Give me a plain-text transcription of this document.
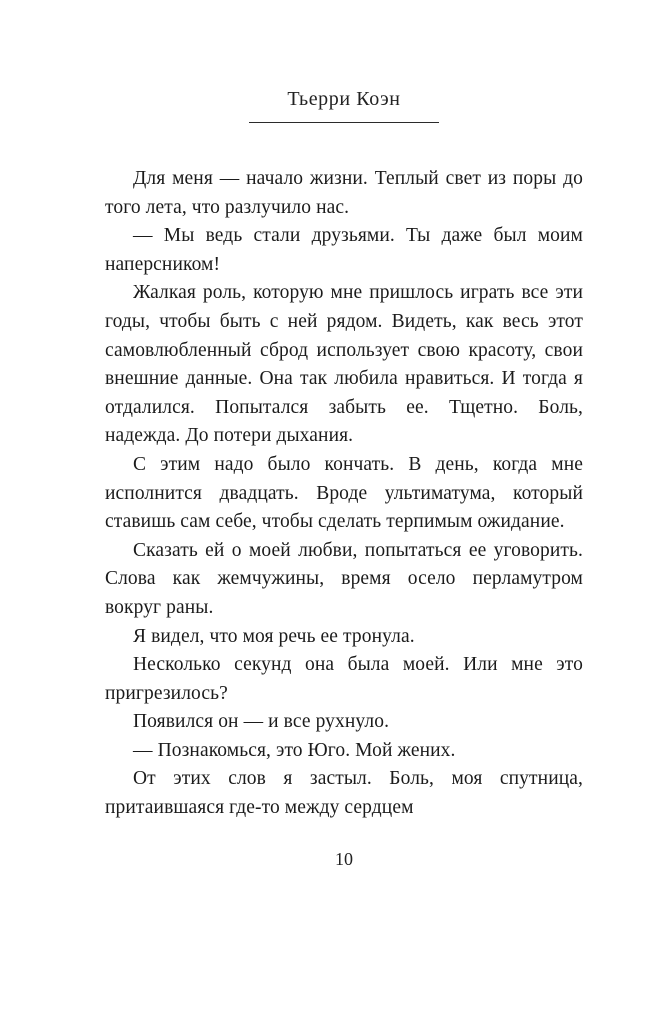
Тьерри Коэн

Для меня — начало жизни. Теплый свет из поры до того лета, что разлучило нас.

— Мы ведь стали друзьями. Ты даже был моим наперсником!

Жалкая роль, которую мне пришлось играть все эти годы, чтобы быть с ней рядом. Видеть, как весь этот самовлюбленный сброд использует свою красоту, свои внешние данные. Она так любила нравиться. И тогда я отдалился. Попытался забыть ее. Тщетно. Боль, надежда. До потери дыхания.

С этим надо было кончать. В день, когда мне исполнится двадцать. Вроде ультиматума, который ставишь сам себе, чтобы сделать терпимым ожидание.

Сказать ей о моей любви, попытаться ее уговорить. Слова как жемчужины, время осело перламутром вокруг раны.

Я видел, что моя речь ее тронула.

Несколько секунд она была моей. Или мне это пригрезилось?

Появился он — и все рухнуло.

— Познакомься, это Юго. Мой жених.

От этих слов я застыл. Боль, моя спутница, притаившаяся где-то между сердцем

10
